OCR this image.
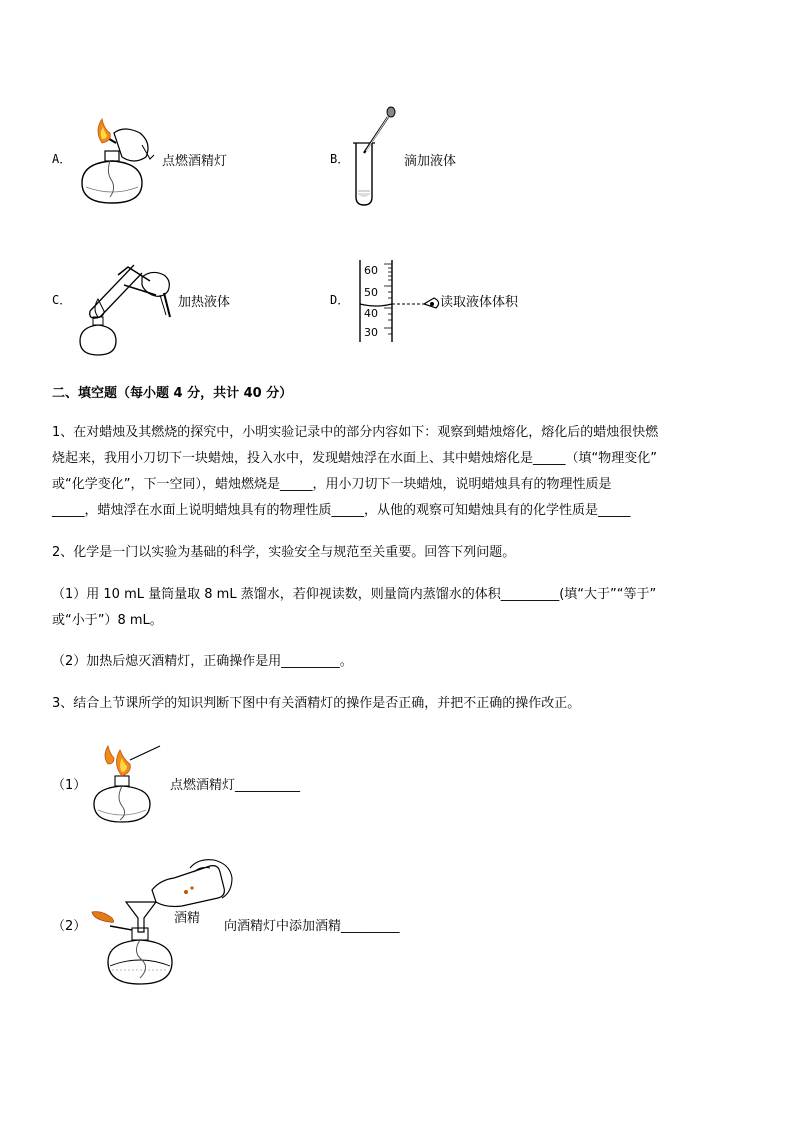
A．	点燃酒精灯	B．	滴加液体
C．	加热液体	D．
60
50
40
30
读取液体体积
二、填空题（每小题 4 分，共计 40 分）
1、在对蜡烛及其燃烧的探究中，小明实验记录中的部分内容如下：观察到蜡烛熔化，熔化后的蜡烛很快燃
烧起来，我用小刀切下一块蜡烛，投入水中，发现蜡烛浮在水面上、其中蜡烛熔化是_____（填“物理变化”
或“化学变化”，下一空同），蜡烛燃烧是_____，用小刀切下一块蜡烛，说明蜡烛具有的物理性质是
_____，蜡烛浮在水面上说明蜡烛具有的物理性质_____，从他的观察可知蜡烛具有的化学性质是_____
2、化学是一门以实验为基础的科学，实验安全与规范至关重要。回答下列问题。
（1）用 10 mL 量筒量取 8 mL 蒸馏水，若仰视读数，则量筒内蒸馏水的体积_________(填“大于”“等于”
或“小于”）8 mL。
（2）加热后熄灭酒精灯，正确操作是用_________。
3、结合上节课所学的知识判断下图中有关酒精灯的操作是否正确，并把不正确的操作改正。
（1）	点燃酒精灯__________
（2）
酒精
向酒精灯中添加酒精_________
